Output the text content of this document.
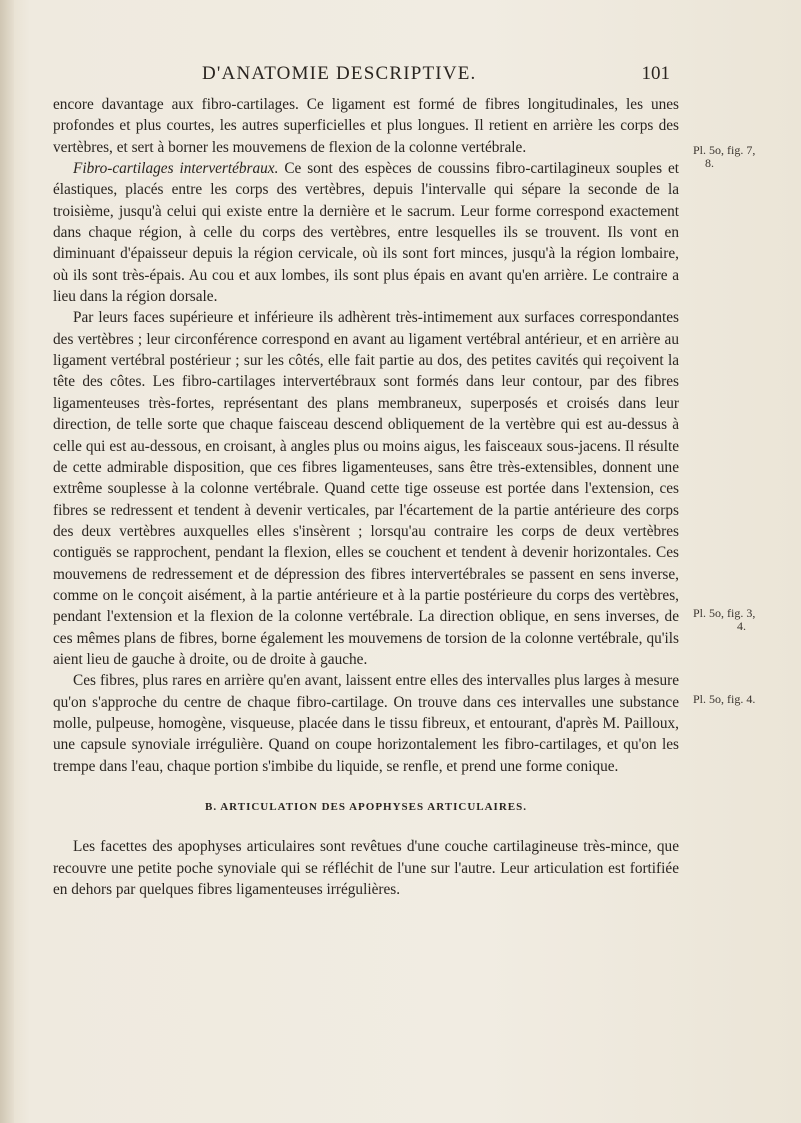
D'ANATOMIE DESCRIPTIVE.	101

encore davantage aux fibro-cartilages. Ce ligament est formé de fibres longitudinales, les unes profondes et plus courtes, les autres superficielles et plus longues. Il retient en arrière les corps des vertèbres, et sert à borner les mouvemens de flexion de la colonne vertébrale.

Fibro-cartilages intervertébraux. Ce sont des espèces de coussins fibro-cartilagineux souples et élastiques, placés entre les corps des vertèbres, depuis l'intervalle qui sépare la seconde de la troisième, jusqu'à celui qui existe entre la dernière et le sacrum. Leur forme correspond exactement dans chaque région, à celle du corps des vertèbres, entre lesquelles ils se trouvent. Ils vont en diminuant d'épaisseur depuis la région cervicale, où ils sont fort minces, jusqu'à la région lombaire, où ils sont très-épais. Au cou et aux lombes, ils sont plus épais en avant qu'en arrière. Le contraire a lieu dans la région dorsale.

Par leurs faces supérieure et inférieure ils adhèrent très-intimement aux surfaces correspondantes des vertèbres ; leur circonférence correspond en avant au ligament vertébral antérieur, et en arrière au ligament vertébral postérieur ; sur les côtés, elle fait partie au dos, des petites cavités qui reçoivent la tête des côtes. Les fibro-cartilages intervertébraux sont formés dans leur contour, par des fibres ligamenteuses très-fortes, représentant des plans membraneux, superposés et croisés dans leur direction, de telle sorte que chaque faisceau descend obliquement de la vertèbre qui est au-dessus à celle qui est au-dessous, en croisant, à angles plus ou moins aigus, les faisceaux sous-jacens. Il résulte de cette admirable disposition, que ces fibres ligamenteuses, sans être très-extensibles, donnent une extrême souplesse à la colonne vertébrale. Quand cette tige osseuse est portée dans l'extension, ces fibres se redressent et tendent à devenir verticales, par l'écartement de la partie antérieure des corps des deux vertèbres auxquelles elles s'insèrent ; lorsqu'au contraire les corps de deux vertèbres contiguës se rapprochent, pendant la flexion, elles se couchent et tendent à devenir horizontales. Ces mouvemens de redressement et de dépression des fibres intervertébrales se passent en sens inverse, comme on le conçoit aisément, à la partie antérieure et à la partie postérieure du corps des vertèbres, pendant l'extension et la flexion de la colonne vertébrale. La direction oblique, en sens inverses, de ces mêmes plans de fibres, borne également les mouvemens de torsion de la colonne vertébrale, qu'ils aient lieu de gauche à droite, ou de droite à gauche.

Ces fibres, plus rares en arrière qu'en avant, laissent entre elles des intervalles plus larges à mesure qu'on s'approche du centre de chaque fibro-cartilage. On trouve dans ces intervalles une substance molle, pulpeuse, homogène, visqueuse, placée dans le tissu fibreux, et entourant, d'après M. Pailloux, une capsule synoviale irrégulière. Quand on coupe horizontalement les fibro-cartilages, et qu'on les trempe dans l'eau, chaque portion s'imbibe du liquide, se renfle, et prend une forme conique.

B. ARTICULATION DES APOPHYSES ARTICULAIRES.

Les facettes des apophyses articulaires sont revêtues d'une couche cartilagineuse très-mince, que recouvre une petite poche synoviale qui se réfléchit de l'une sur l'autre. Leur articulation est fortifiée en dehors par quelques fibres ligamenteuses irrégulières.

Pl. 5o, fig. 7,
8.
Pl. 5o, fig. 3,
4.
Pl. 5o, fig. 4.
